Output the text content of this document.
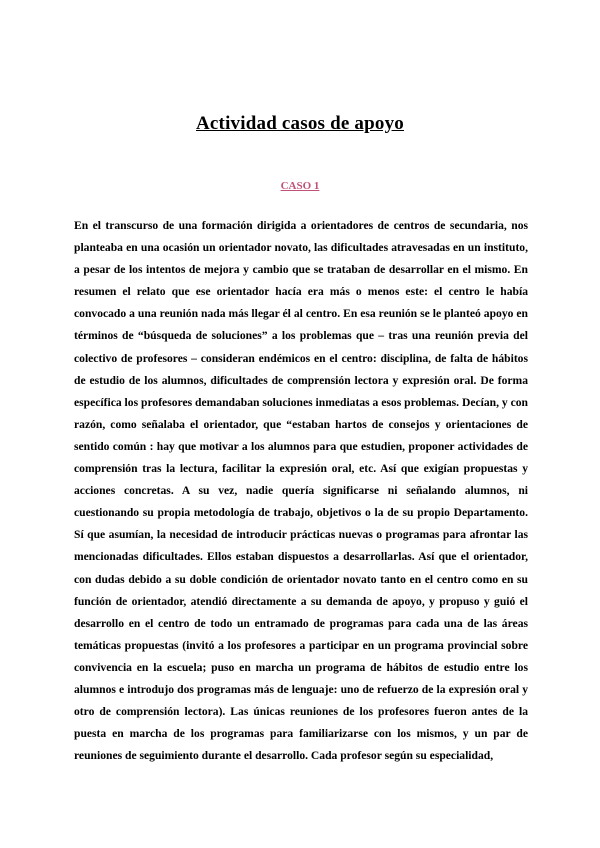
Actividad casos de apoyo
CASO 1

En el transcurso de una formación dirigida a orientadores de centros de secundaria, nos planteaba en una ocasión un orientador novato, las dificultades atravesadas en un instituto, a pesar de los intentos de mejora y cambio que se trataban de desarrollar en el mismo. En resumen el relato que ese orientador hacía era más o menos este: el centro le había convocado a una reunión nada más llegar él al centro. En esa reunión se le planteó apoyo en términos de “búsqueda de soluciones” a los problemas que – tras una reunión previa del colectivo de profesores – consideran endémicos en el centro: disciplina, de falta de hábitos de estudio de los alumnos, dificultades de comprensión lectora y expresión oral. De forma específica los profesores demandaban soluciones inmediatas a esos problemas. Decían, y con razón, como señalaba el orientador, que “estaban hartos de consejos y orientaciones de sentido común : hay que motivar a los alumnos para que estudien, proponer actividades de comprensión tras la lectura, facilitar la expresión oral, etc. Así que exigían propuestas y acciones concretas. A su vez, nadie quería significarse ni señalando alumnos, ni cuestionando su propia metodología de trabajo, objetivos o la de su propio Departamento. Sí que asumían, la necesidad de introducir prácticas nuevas o programas para afrontar las mencionadas dificultades. Ellos estaban dispuestos a desarrollarlas. Así que el orientador, con dudas debido a su doble condición de orientador novato tanto en el centro como en su función de orientador, atendió directamente a su demanda de apoyo, y propuso y guió el desarrollo en el centro de todo un entramado de programas para cada una de las áreas temáticas propuestas (invitó a los profesores a participar en un programa provincial sobre convivencia en la escuela; puso en marcha un programa de hábitos de estudio entre los alumnos e introdujo dos programas más de lenguaje: uno de refuerzo de la expresión oral y otro de comprensión lectora). Las únicas reuniones de los profesores fueron antes de la puesta en marcha de los programas para familiarizarse con los mismos, y un par de reuniones de seguimiento durante el desarrollo. Cada profesor según su especialidad,
